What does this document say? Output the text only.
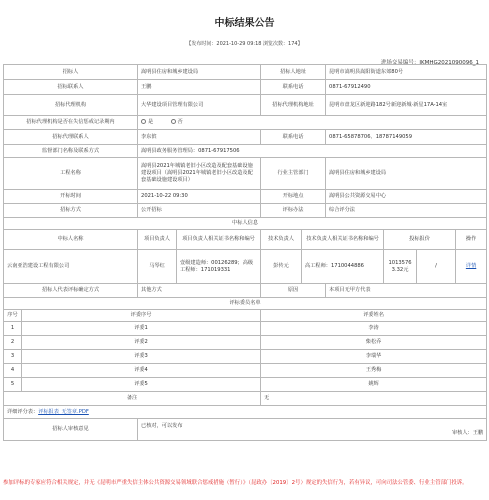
中标结果公告
【发布时间：2021-10-29 09:18 浏览次数：174】
进场交易编号：JKMHG2021090096_1
招标人		嵩明县住房和城乡建设局		招标人地址		昆明市嵩明县嵩阳街道东郊80号			
招标联系人		王鹏		联系电话		0871-67912490			
招标代理机构		大华建设项目管理有限公司		招标代理机构地址		昆明市盘龙区新迎路182号新迎新城·新星17A-14室			
招标代理机构是否在失信惩戒记录期内		是 否							
招标代理联系人		李东傧		联系电话		0871-65878706、18787149059			
监督部门名称及联系方式		嵩明县政务服务管理局：0871-67917506							
工程名称		嵩明县2021年城镇老旧小区改造及配套基础设施建设项目（嵩明县2021年城镇老旧小区改造及配套基础设施建设项目）		行业主管部门		嵩明县住房和城乡建设局			
开标时间		2021-10-22 09:30		开标地点		嵩明县公共资源交易中心			
招标方式		公开招标		评标办法		综合评分法			
中标人信息									
中标人名称		项目负责人	项目负责人相关证书名称和编号	技术负责人	技术负责人相关证书名称和编号		投标报价		操作
云南亚浩建设工程有限公司		马琴红	壹级建造师：00126289；高级工程师：171019331	彭传元	高工程师：1710044886		10135763.32元	/	详情
招标人代表评标确定方式		其他方式		原因		本项目无甲方代表			
评标委员名单									
序号	评委序号			评委姓名					
1	评委1			李涛					
2	评委2			柴松乔					
3	评委3			李瑞华					
4	评委4			王秀梅					
5	评委5			姚辉					
备注				无					
详细评分表：评标报表_无签章.PDF									
招标人审核意见		已核对，可以发布
审核人：王鹏							
参加评标的专家应符合相关规定，并无《昆明市严重失信主体公共资源交易领域联合惩戒措施（暂行）》（昆政办〔2019〕2号）规定的失信行为，若有异议，可向司法公管委、行业主管部门投诉。
